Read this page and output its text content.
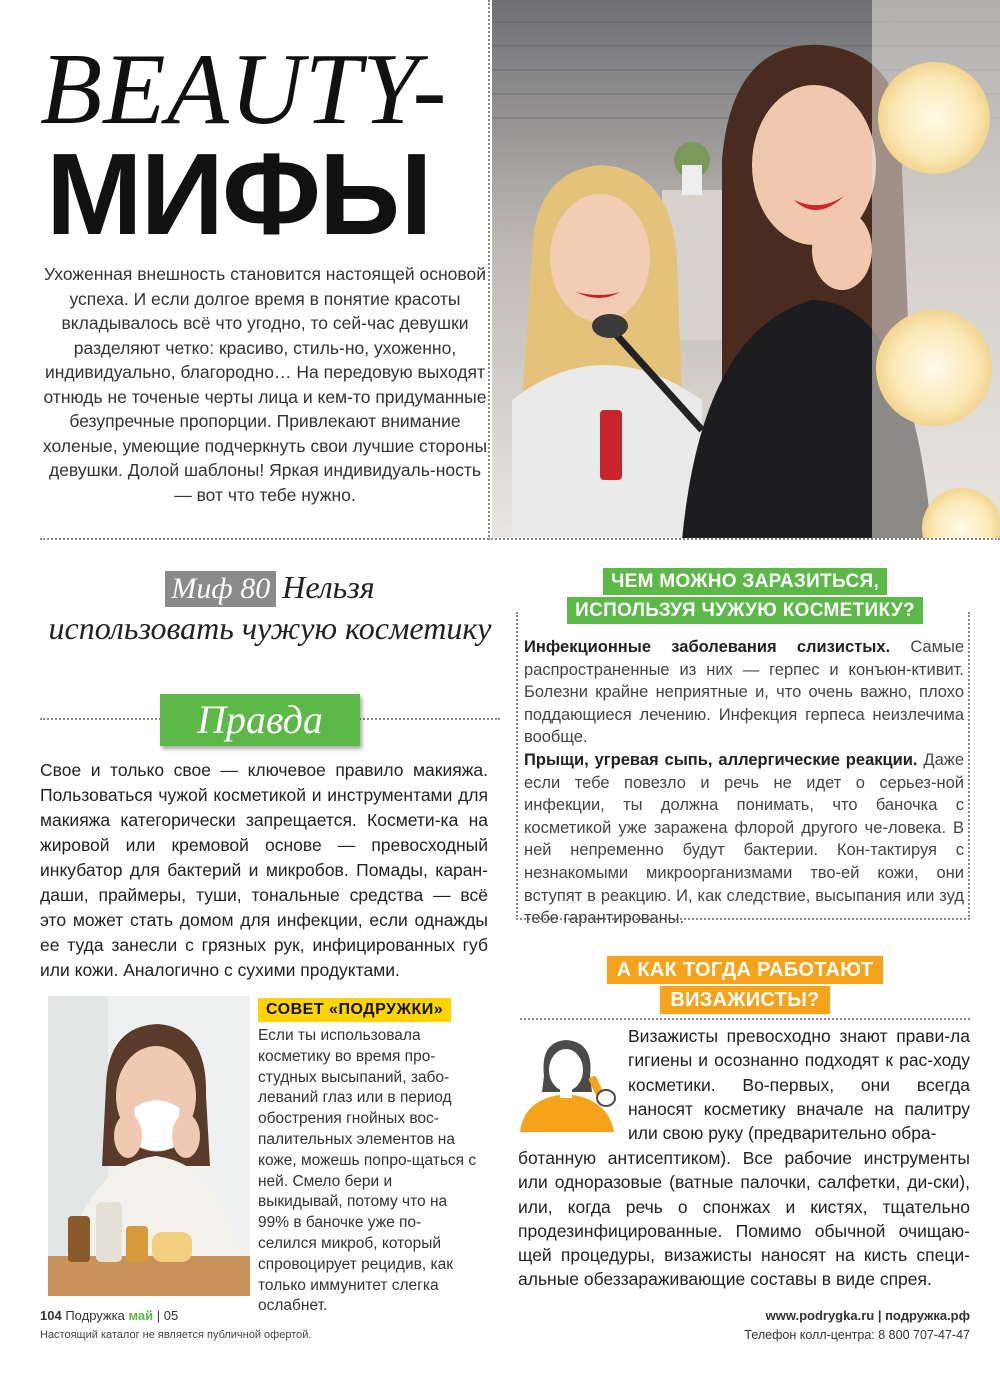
BEAUTY-
МИФЫ
Ухоженная внешность становится настоящей основой успеха. И если долгое время в понятие красоты вкладывалось всё что угодно, то сей-час девушки разделяют четко: красиво, стиль-но, ухоженно, индивидуально, благородно… На передовую выходят отнюдь не точеные черты лица и кем-то придуманные безупречные пропорции. Привлекают внимание холеные, умеющие подчеркнуть свои лучшие стороны девушки. Долой шаблоны! Яркая индивидуаль-ность — вот что тебе нужно.
Миф 80 Нельзя
использовать чужую косметику
Правда
Свое и только свое — ключевое правило макияжа. Пользоваться чужой косметикой и инструментами для макияжа категорически запрещается. Космети-ка на жировой или кремовой основе — превосходный инкубатор для бактерий и микробов. Помады, каран-даши, праймеры, туши, тональные средства — всё это может стать домом для инфекции, если однажды ее туда занесли с грязных рук, инфицированных губ или кожи. Аналогично с сухими продуктами.
СОВЕТ «ПОДРУЖКИ»
Если ты использовала косметику во время про-студных высыпаний, забо-леваний глаз или в период обострения гнойных вос-палительных элементов на коже, можешь попро-щаться с ней. Смело бери и выкидывай, потому что на 99% в баночке уже по-селился микроб, который спровоцирует рецидив, как только иммунитет слегка ослабнет.
ЧЕМ МОЖНО ЗАРАЗИТЬСЯ,
ИСПОЛЬЗУЯ ЧУЖУЮ КОСМЕТИКУ?
Инфекционные заболевания слизистых. Самые распространенные из них — герпес и конъюн-ктивит. Болезни крайне неприятные и, что очень важно, плохо поддающиеся лечению. Инфекция герпеса неизлечима вообще.
Прыщи, угревая сыпь, аллергические реакции. Даже если тебе повезло и речь не идет о серьез-ной инфекции, ты должна понимать, что баночка с косметикой уже заражена флорой другого че-ловека. В ней непременно будут бактерии. Кон-тактируя с незнакомыми микроорганизмами тво-ей кожи, они вступят в реакцию. И, как следствие, высыпания или зуд тебе гарантированы.
А КАК ТОГДА РАБОТАЮТ
ВИЗАЖИСТЫ?
Визажисты превосходно знают прави-ла гигиены и осознанно подходят к рас-ходу косметики. Во-первых, они всегда наносят косметику вначале на палитру или свою руку (предварительно обра-
ботанную антисептиком). Все рабочие инструменты или одноразовые (ватные палочки, салфетки, ди-ски), или, когда речь о спонжах и кистях, тщательно продезинфицированные. Помимо обычной очищаю-щей процедуры, визажисты наносят на кисть специ-альные обеззараживающие составы в виде спрея.
104 Подружка май | 05
Настоящий каталог не является публичной офертой.
www.podrygka.ru | подружка.рф
Телефон колл-центра: 8 800 707-47-47
